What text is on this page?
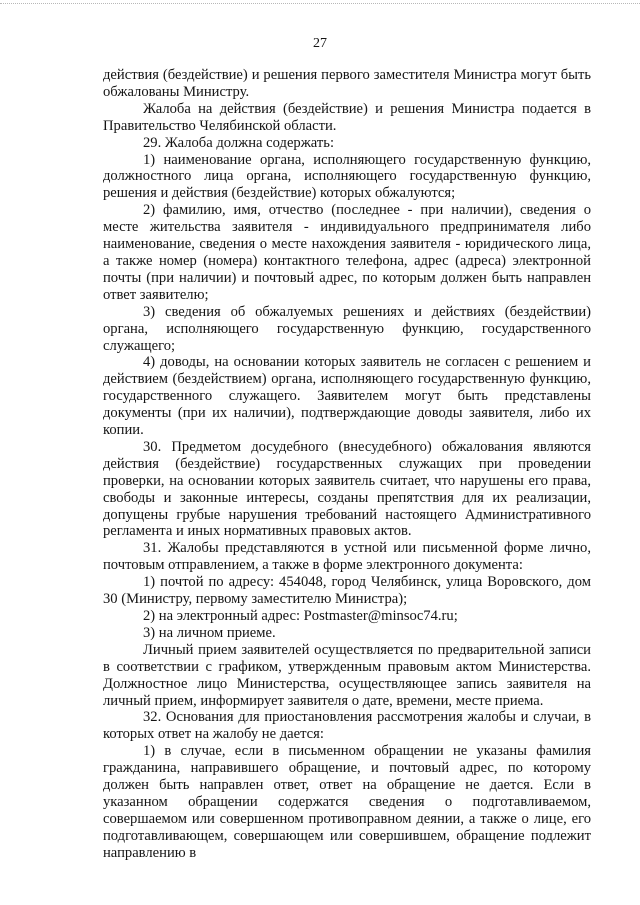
27

действия (бездействие) и решения первого заместителя Министра могут быть обжалованы Министру.

Жалоба на действия (бездействие) и решения Министра подается в Правительство Челябинской области.

29. Жалоба должна содержать:

1) наименование органа, исполняющего государственную функцию, должностного лица органа, исполняющего государственную функцию, решения и действия (бездействие) которых обжалуются;

2) фамилию, имя, отчество (последнее - при наличии), сведения о месте жительства заявителя - индивидуального предпринимателя либо наименование, сведения о месте нахождения заявителя - юридического лица, а также номер (номера) контактного телефона, адрес (адреса) электронной почты (при наличии) и почтовый адрес, по которым должен быть направлен ответ заявителю;

3) сведения об обжалуемых решениях и действиях (бездействии) органа, исполняющего государственную функцию, государственного служащего;

4) доводы, на основании которых заявитель не согласен с решением и действием (бездействием) органа, исполняющего государственную функцию, государственного служащего. Заявителем могут быть представлены документы (при их наличии), подтверждающие доводы заявителя, либо их копии.

30. Предметом досудебного (внесудебного) обжалования являются действия (бездействие) государственных служащих при проведении проверки, на основании которых заявитель считает, что нарушены его права, свободы и законные интересы, созданы препятствия для их реализации, допущены грубые нарушения требований настоящего Административного регламента и иных нормативных правовых актов.

31. Жалобы представляются в устной или письменной форме лично, почтовым отправлением, а также в форме электронного документа:

1) почтой по адресу: 454048, город Челябинск, улица Воровского, дом 30 (Министру, первому заместителю Министра);

2) на электронный адрес: Postmaster@minsoc74.ru;

3) на личном приеме.

Личный прием заявителей осуществляется по предварительной записи в соответствии с графиком, утвержденным правовым актом Министерства. Должностное лицо Министерства, осуществляющее запись заявителя на личный прием, информирует заявителя о дате, времени, месте приема.

32. Основания для приостановления рассмотрения жалобы и случаи, в которых ответ на жалобу не дается:

1) в случае, если в письменном обращении не указаны фамилия гражданина, направившего обращение, и почтовый адрес, по которому должен быть направлен ответ, ответ на обращение не дается. Если в указанном обращении содержатся сведения о подготавливаемом, совершаемом или совершенном противоправном деянии, а также о лице, его подготавливающем, совершающем или совершившем, обращение подлежит направлению в
